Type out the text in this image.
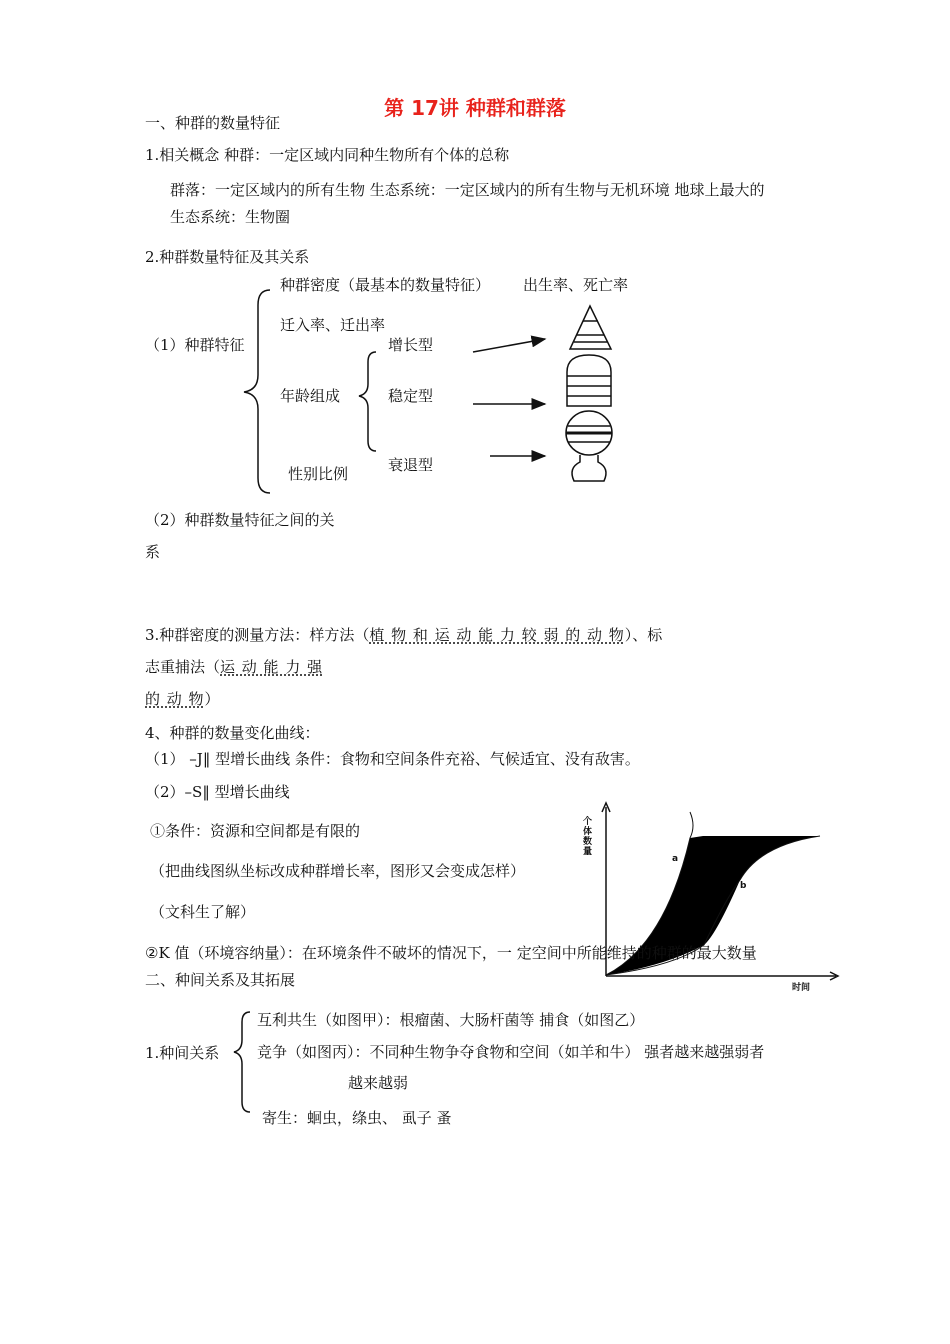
第 17讲 种群和群落
一、种群的数量特征
1.相关概念 种群：一定区域内同种生物所有个体的总称
群落：一定区域内的所有生物 生态系统：一定区域内的所有生物与无机环境 地球上最大的
生态系统：生物圈
2.种群数量特征及其关系
种群密度（最基本的数量特征） 出生率、死亡率
迁入率、迁出率
（1）种群特征	增长型
年龄组成	稳定型
衰退型
性别比例
（2）种群数量特征之间的关
系
3.种群密度的测量方法：样方法（植 物 和 运 动 能 力 较 弱 的 动 物）、标
志重捕法（运 动 能 力 强
的 动 物）
4、种群的数量变化曲线：
（1） –J‖ 型增长曲线 条件：食物和空间条件充裕、气候适宜、没有敌害。
（2）–S‖ 型增长曲线
①条件：资源和空间都是有限的
（把曲线图纵坐标改成种群增长率，图形又会变成怎样）
（文科生了解）
个体数量
时间
a
b
②K 值（环境容纳量）：在环境条件不破坏的情况下，一 定空间中所能维持的种群的最大数量
二、种间关系及其拓展
1.种间关系
互利共生（如图甲）：根瘤菌、大肠杆菌等 捕食（如图乙）
竞争（如图丙）：不同种生物争夺食物和空间（如羊和牛） 强者越来越强弱者
越来越弱
寄生：蛔虫，绦虫、 虱子 蚤
